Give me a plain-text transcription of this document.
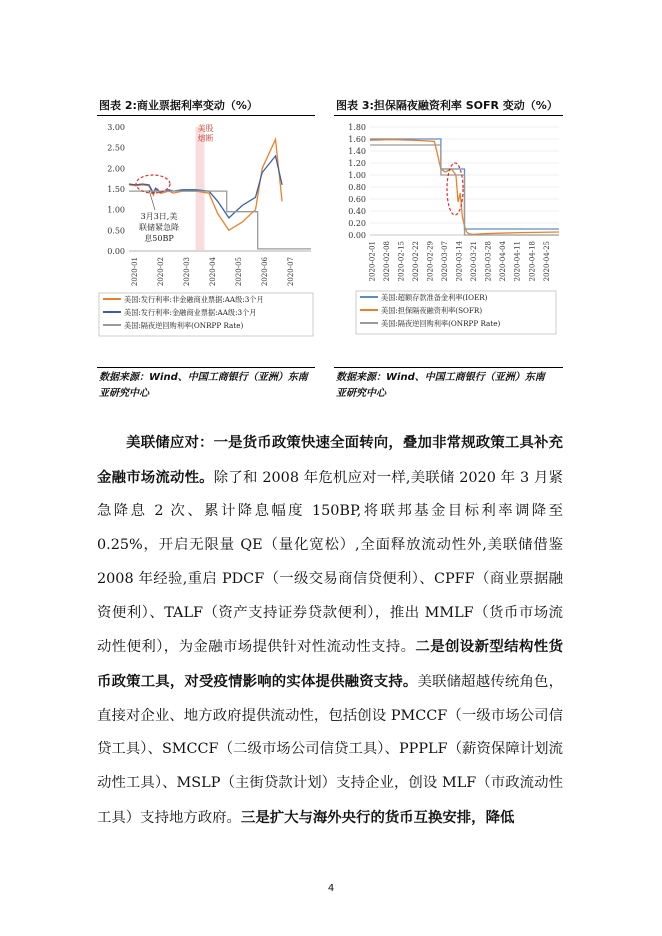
图表 2:商业票据利率变动（%）
3.00
2.50
2.00
1.50
1.00
0.50
0.00
2020-01	2020-02	2020-03	2020-04	2020-05	2020-06	2020-07
美股
熔断
3月3日,美
联储紧急降
息50BP
美国:发行利率:非金融商业票据:AA级:3个月
美国:发行利率:金融商业票据:AA级:3个月
美国:隔夜逆回购利率(ONRPP Rate)
数据来源：Wind、中国工商银行（亚洲）东南亚研究中心
图表 3:担保隔夜融资利率 SOFR 变动（%）
1.80
1.60
1.40
1.20
1.00
0.80
0.60
0.40
0.20
0.00
2020-02-01 2020-02-08 2020-02-15 2020-02-22 2020-02-29 2020-03-07 2020-03-14 2020-03-21 2020-03-28 2020-04-04 2020-04-11 2020-04-18 2020-04-25
美国:超额存款准备金利率(IOER)
美国:担保隔夜融资利率(SOFR)
美国:隔夜逆回购利率(ONRPP Rate)
数据来源：Wind、中国工商银行（亚洲）东南亚研究中心

美联储应对：一是货币政策快速全面转向，叠加非常规政策工具补充金融市场流动性。除了和 2008 年危机应对一样,美联储 2020 年 3 月紧急降息 2 次、累计降息幅度 150BP,将联邦基金目标利率调降至 0.25%，开启无限量 QE（量化宽松）,全面释放流动性外,美联储借鉴 2008 年经验,重启 PDCF（一级交易商信贷便利）、CPFF（商业票据融资便利）、TALF（资产支持证券贷款便利），推出 MMLF（货币市场流动性便利），为金融市场提供针对性流动性支持。二是创设新型结构性货币政策工具，对受疫情影响的实体提供融资支持。美联储超越传统角色，直接对企业、地方政府提供流动性，包括创设 PMCCF（一级市场公司信贷工具）、SMCCF（二级市场公司信贷工具）、PPPLF（薪资保障计划流动性工具）、MSLP（主街贷款计划）支持企业，创设 MLF（市政流动性工具）支持地方政府。三是扩大与海外央行的货币互换安排，降低

4
